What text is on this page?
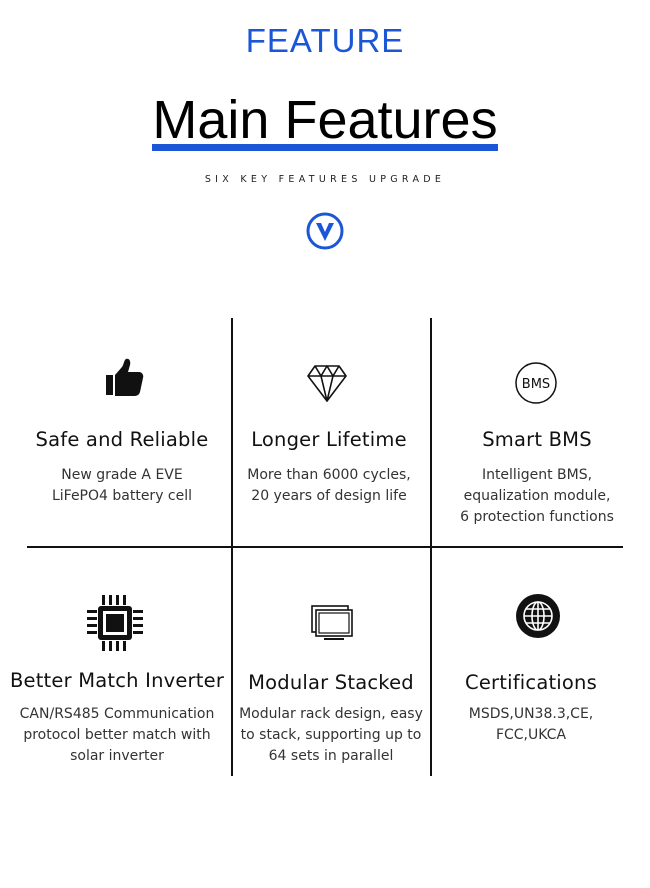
FEATURE
Main Features
SIX KEY FEATURES UPGRADE
BMS
Safe and Reliable
New grade A EVE
LiFePO4 battery cell
Longer Lifetime
More than 6000 cycles,
20 years of design life
Smart BMS
Intelligent BMS,
equalization module,
6 protection functions
Better Match Inverter
CAN/RS485 Communication
protocol better match with
solar inverter
Modular Stacked
Modular rack design, easy
to stack, supporting up to
64 sets in parallel
Certifications
MSDS,UN38.3,CE,
FCC,UKCA
